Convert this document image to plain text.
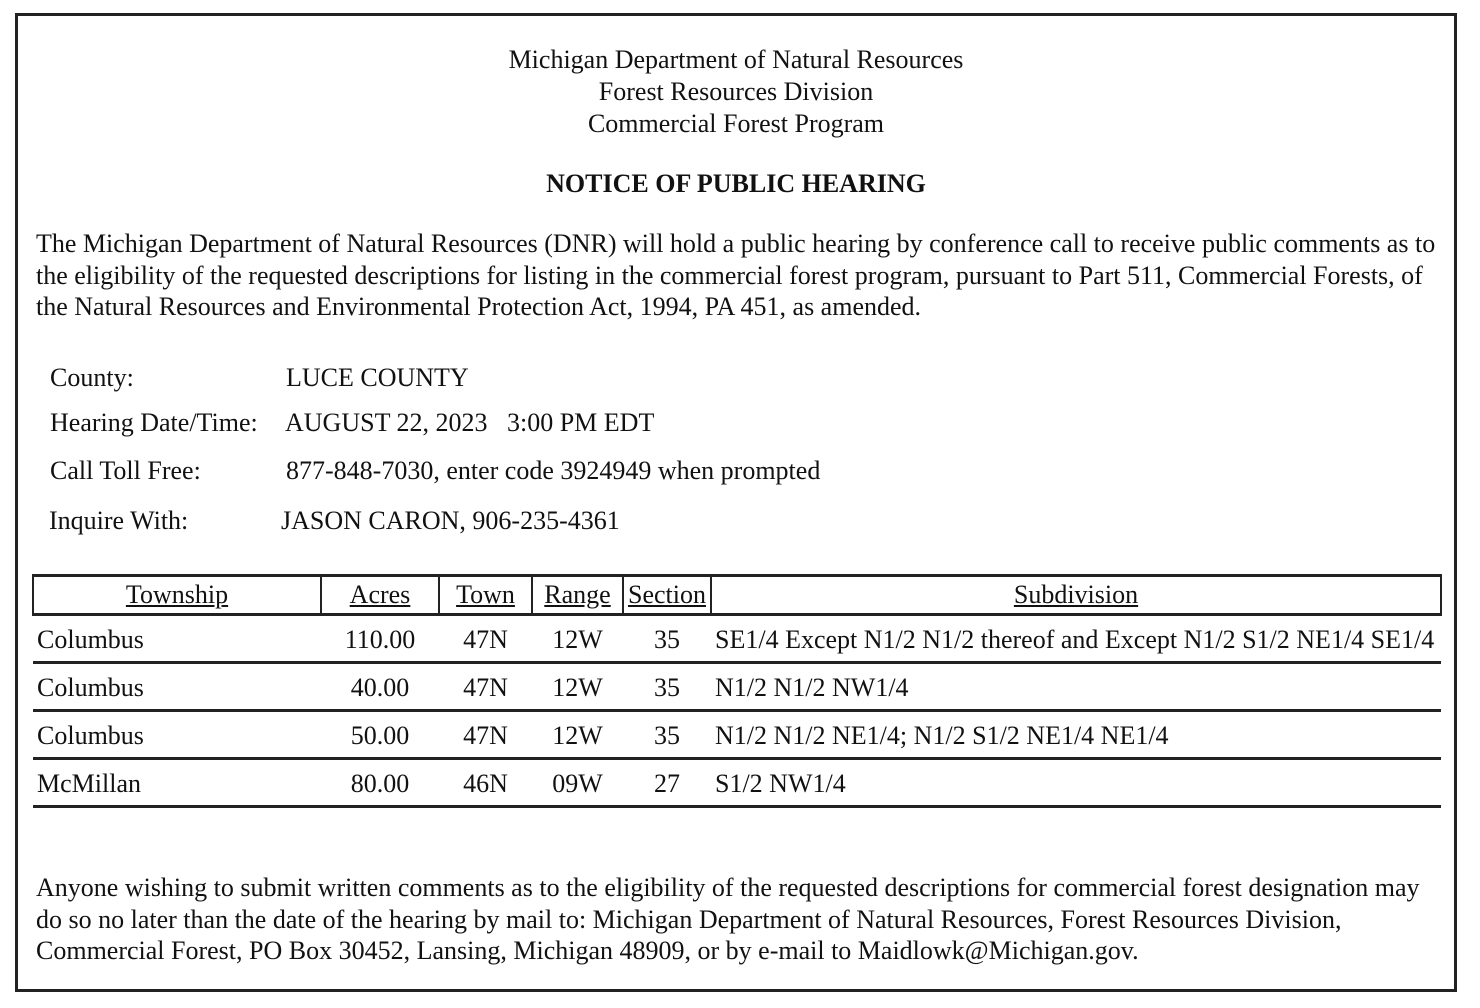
Michigan Department of Natural Resources
Forest Resources Division
Commercial Forest Program
NOTICE OF PUBLIC HEARING
The Michigan Department of Natural Resources (DNR) will hold a public hearing by conference call to receive public comments as to the eligibility of the requested descriptions for listing in the commercial forest program, pursuant to Part 511, Commercial Forests, of the Natural Resources and Environmental Protection Act, 1994, PA 451, as amended.
County:	LUCE COUNTY
Hearing Date/Time: AUGUST 22, 2023   3:00 PM EDT
Call Toll Free:	877-848-7030, enter code 3924949 when prompted
Inquire With:	JASON CARON, 906-235-4361
Township	Acres	Town	Range	Section	Subdivision
Columbus	110.00	47N	12W	35	SE1/4 Except N1/2 N1/2 thereof and Except N1/2 S1/2 NE1/4 SE1/4
Columbus	40.00	47N	12W	35	N1/2 N1/2 NW1/4
Columbus	50.00	47N	12W	35	N1/2 N1/2 NE1/4; N1/2 S1/2 NE1/4 NE1/4
McMillan	80.00	46N	09W	27	S1/2 NW1/4
Anyone wishing to submit written comments as to the eligibility of the requested descriptions for commercial forest designation may do so no later than the date of the hearing by mail to: Michigan Department of Natural Resources, Forest Resources Division, Commercial Forest, PO Box 30452, Lansing, Michigan 48909, or by e-mail to Maidlowk@Michigan.gov.
